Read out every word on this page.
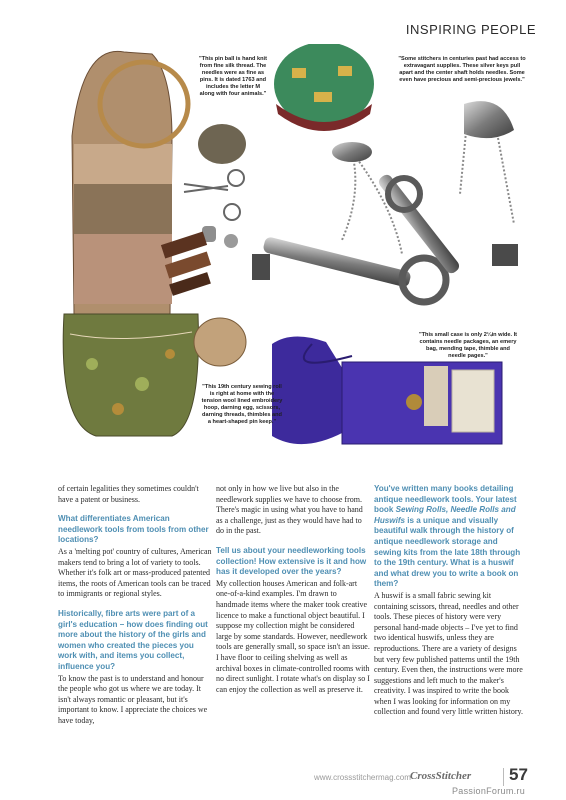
INSPIRING PEOPLE
"This pin ball is hand knit from fine silk thread. The needles were as fine as pins. It is dated 1763 and includes the letter M along with four animals."
"Some stitchers in centuries past had access to extravagant supplies. These silver keys pull apart and the center shaft holds needles. Some even have precious and semi-precious jewels."
"This small case is only 2¼in wide. It contains needle packages, an emery bag, mending tape, thimble and needle pages."
"This 19th century sewing roll is right at home with the tension wool lined embroidery hoop, darning egg, scissors, darning threads, thimbles and a heart-shaped pin keep."

of certain legalities they sometimes couldn't have a patent or business.

What differentiates American needlework tools from tools from other locations?

As a 'melting pot' country of cultures, American makers tend to bring a lot of variety to tools. Whether it's folk art or mass-produced patented items, the roots of American tools can be traced to immigrants or regional styles.

Historically, fibre arts were part of a girl's education – how does finding out more about the history of the girls and women who created the pieces you work with, and items you collect, influence you?

To know the past is to understand and honour the people who got us where we are today. It isn't always romantic or pleasant, but it's important to know. I appreciate the choices we have today,

not only in how we live but also in the needlework supplies we have to choose from. There's magic in using what you have to hand as a challenge, just as they would have had to do in the past.

Tell us about your needleworking tools collection! How extensive is it and how has it developed over the years?

My collection houses American and folk-art one-of-a-kind examples. I'm drawn to handmade items where the maker took creative licence to make a functional object beautiful. I suppose my collection might be considered large by some standards. However, needlework tools are generally small, so space isn't an issue. I have floor to ceiling shelving as well as archival boxes in climate-controlled rooms with no direct sunlight. I rotate what's on display so I can enjoy the collection as well as preserve it.

You've written many books detailing antique needlework tools. Your latest book Sewing Rolls, Needle Rolls and Huswifs is a unique and visually beautiful walk through the history of antique needlework storage and sewing kits from the late 18th through to the 19th century. What is a huswif and what drew you to write a book on them?

A huswif is a small fabric sewing kit containing scissors, thread, needles and other tools. These pieces of history were very personal hand-made objects – I've yet to find two identical huswifs, unless they are reproductions. There are a variety of designs but very few published patterns until the 19th century. Even then, the instructions were more suggestions and left much to the maker's creativity. I was inspired to write the book when I was looking for information on my collection and found very little written history.

www.crossstitchermag.com CrossStitcher 57
PassionForum.ru
